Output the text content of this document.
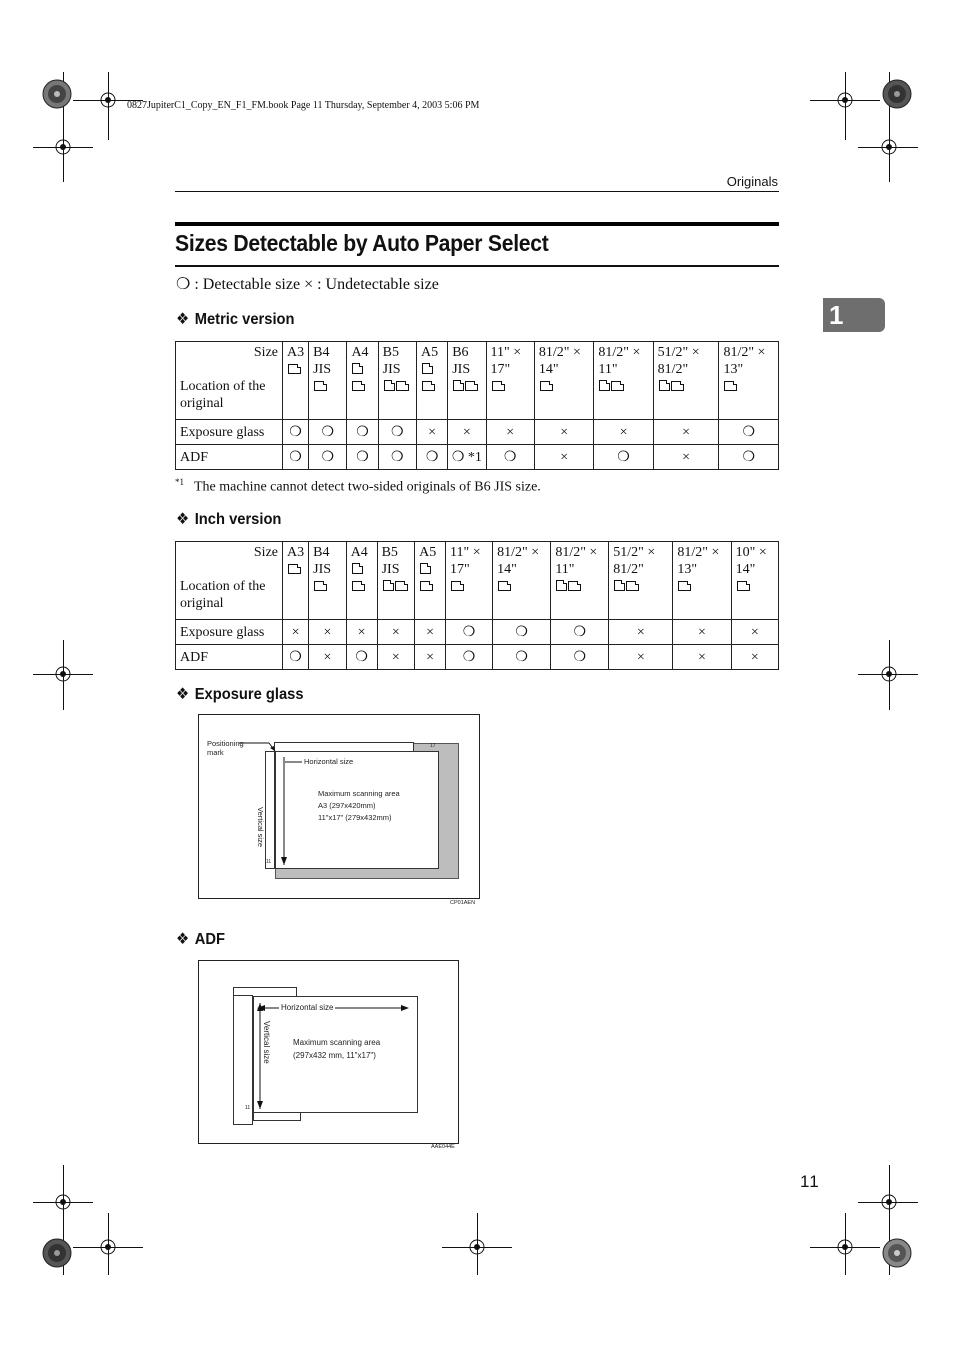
0827JupiterC1_Copy_EN_F1_FM.book Page 11 Thursday, September 4, 2003 5:06 PM
Originals
1
Sizes Detectable by Auto Paper Select
❍ : Detectable size × : Undetectable size
❖ Metric version
Size
Location of the original	A3	B4 JIS	A4	B5 JIS	A5	B6 JIS	11" × 17"	81/2" × 14"	81/2" × 11"	51/2" × 81/2"	81/2" × 13"

Exposure glass	❍	❍	❍	❍	×	×	×	×	×	×	❍
ADF	❍	❍	❍	❍	❍	❍ *1	❍	×	❍	×	❍
$^{*1}$ The machine cannot detect two-sided originals of B6 JIS size.
❖ Inch version
Size
Location of the original	A3	B4 JIS	A4	B5 JIS	A5	11" × 17"	81/2" × 14"	81/2" × 11"	51/2" × 81/2"	81/2" × 13"	10" × 14"

Exposure glass	×	×	×	×	×	❍	❍	❍	×	×	×
ADF	❍	×	❍	×	×	❍	❍	❍	×	×	×
❖ Exposure glass
Positioning mark
Horizontal size
Vertical size
Maximum scanning area
A3 (297x420mm)
11"x17" (279x432mm)
17
11
CP01AEN
❖ ADF
Horizontal size
Vertical size	Maximum scanning area
(297x432 mm, 11"x17")
11
AAE044E
11
